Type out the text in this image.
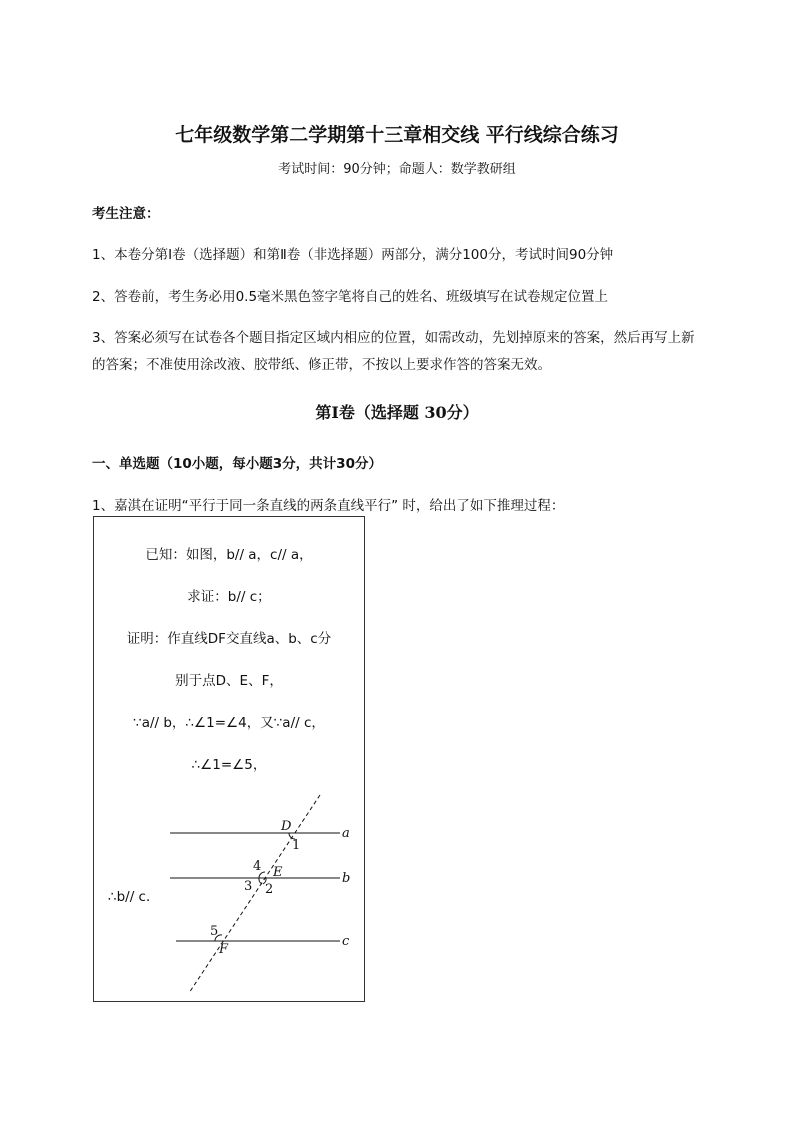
七年级数学第二学期第十三章相交线 平行线综合练习
考试时间：90分钟；命题人：数学教研组
考生注意：
1、本卷分第I卷（选择题）和第Ⅱ卷（非选择题）两部分，满分100分，考试时间90分钟
2、答卷前，考生务必用0.5毫米黑色签字笔将自己的姓名、班级填写在试卷规定位置上
3、答案必须写在试卷各个题目指定区域内相应的位置，如需改动，先划掉原来的答案，然后再写上新
的答案；不准使用涂改液、胶带纸、修正带，不按以上要求作答的答案无效。
第I卷（选择题 30分）
一、单选题（10小题，每小题3分，共计30分）
1、嘉淇在证明“平行于同一条直线的两条直线平行” 时，给出了如下推理过程：
已知：如图，b// a，c// a，
求证：b// c；
证明：作直线DF交直线a、b、c分
别于点D、E、F，
∵a// b，∴∠1=∠4，又∵a// c，
∴∠1=∠5，
∴b// c．
D
1
a
4 E	b
3 2
5
F
c
